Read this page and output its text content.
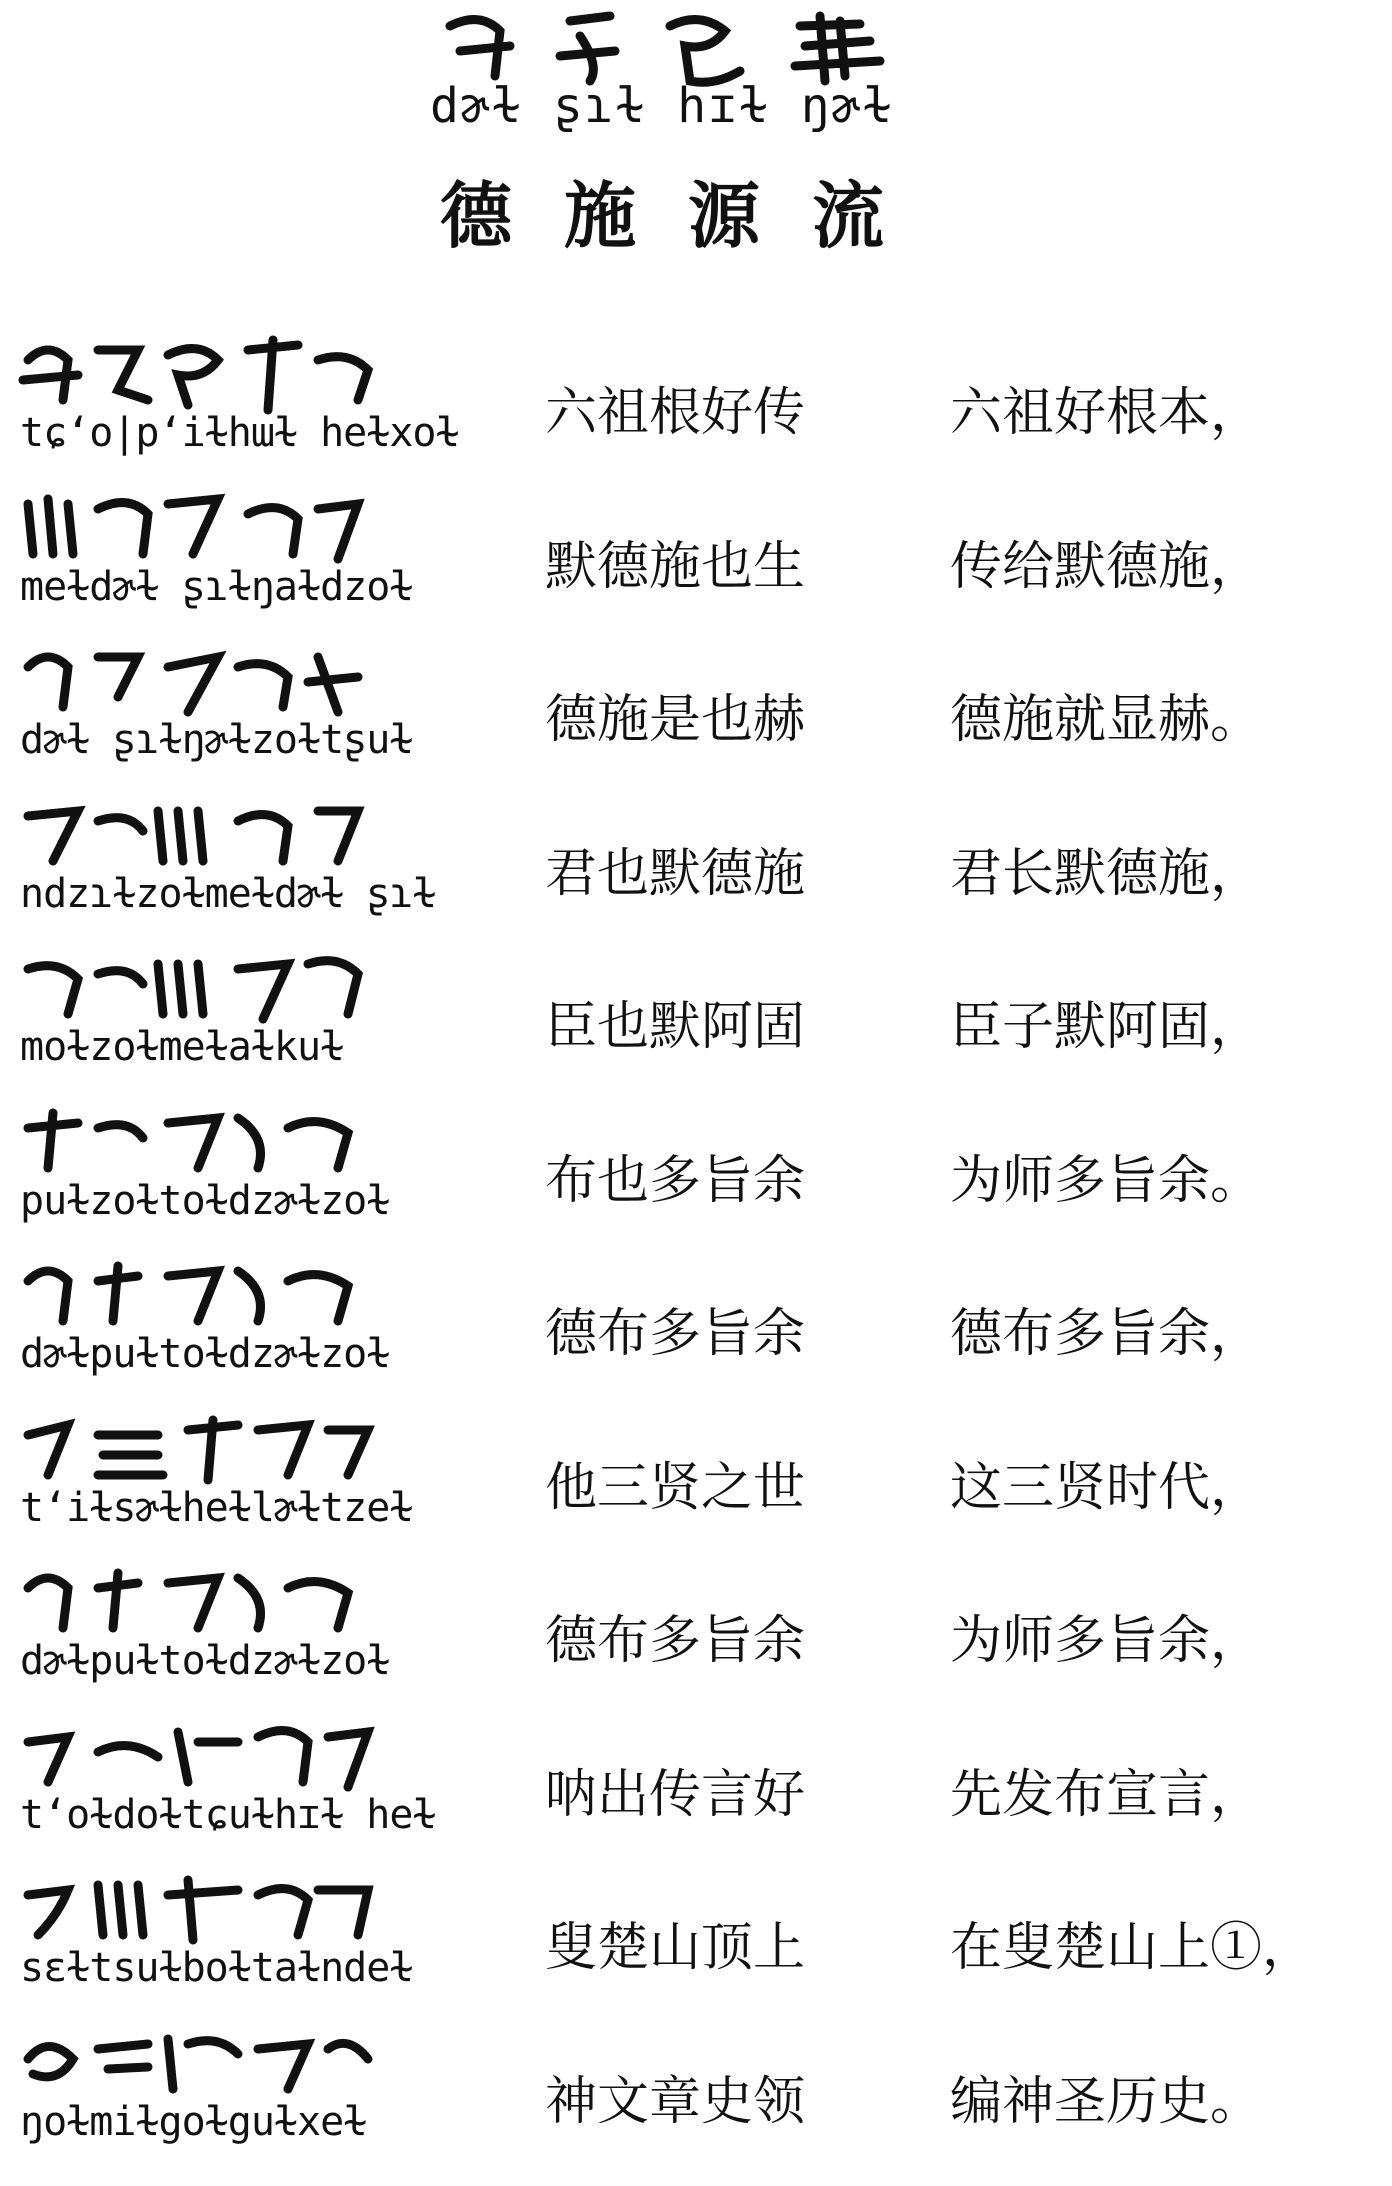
dɚɫ ʂɿɫ hɪɫ ŋɚɫ
德施源流
tɕʻo|pʻiɫhɯɫ heɫxoɫ 六祖根好传	六祖好根本，
meɫdɚɫ ʂɿɫŋaɫdzoɫ	默德施也生	传给默德施，
dɚɫ ʂɿɫŋɚɫzoɫtʂuɫ	德施是也赫	德施就显赫。
ndzɿɫzoɫmeɫdɚɫ ʂɿɫ	君也默德施	君长默德施，
moɫzoɫmeɫaɫkuɫ	臣也默阿固	臣子默阿固，
puɫzoɫtoɫdzɚɫzoɫ	布也多旨余	为师多旨余。
dɚɫpuɫtoɫdzɚɫzoɫ	德布多旨余	德布多旨余，
tʻiɫsɚɫheɫlɚɫtzeɫ	他三贤之世	这三贤时代，
dɚɫpuɫtoɫdzɚɫzoɫ	德布多旨余	为师多旨余，
tʻoɫdoɫtɕuɫhɪɫ heɫ	呐出传言好	先发布宣言，
sɛɫtsuɫboɫtaɫndeɫ	叟楚山顶上	在叟楚山上①，
ŋoɫmiɫgoɫguɫxeɫ	神文章史领	编神圣历史。
